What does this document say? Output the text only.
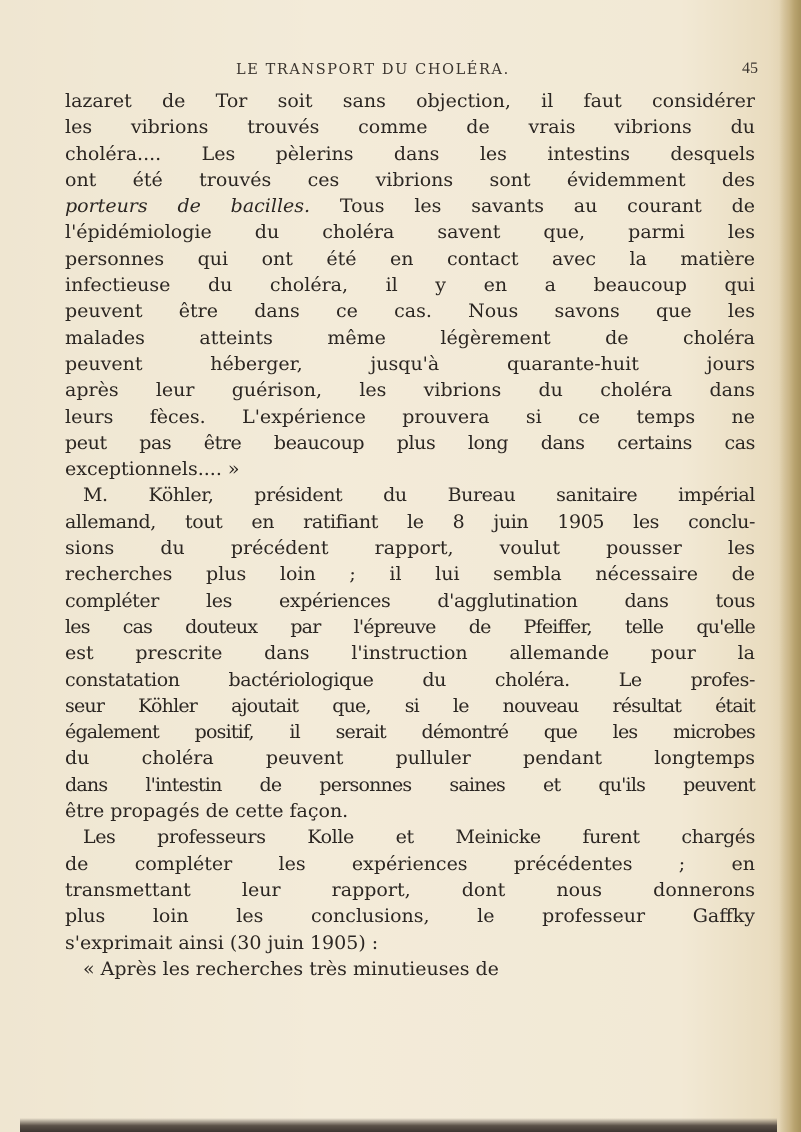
LE TRANSPORT DU CHOLÉRA.	45
lazaret de Tor soit sans objection, il faut considérer
les vibrions trouvés comme de vrais vibrions du
choléra.... Les pèlerins dans les intestins desquels
ont été trouvés ces vibrions sont évidemment des
porteurs de bacilles. Tous les savants au courant de
l'épidémiologie du choléra savent que, parmi les
personnes qui ont été en contact avec la matière
infectieuse du choléra, il y en a beaucoup qui
peuvent être dans ce cas. Nous savons que les
malades atteints même légèrement de choléra
peuvent héberger, jusqu'à quarante-huit jours
après leur guérison, les vibrions du choléra dans
leurs fèces. L'expérience prouvera si ce temps ne
peut pas être beaucoup plus long dans certains cas
exceptionnels.... »
M. Köhler, président du Bureau sanitaire impérial
allemand, tout en ratifiant le 8 juin 1905 les conclu-
sions du précédent rapport, voulut pousser les
recherches plus loin ; il lui sembla nécessaire de
compléter les expériences d'agglutination dans tous
les cas douteux par l'épreuve de Pfeiffer, telle qu'elle
est prescrite dans l'instruction allemande pour la
constatation bactériologique du choléra. Le profes-
seur Köhler ajoutait que, si le nouveau résultat était
également positif, il serait démontré que les microbes
du choléra peuvent pulluler pendant longtemps
dans l'intestin de personnes saines et qu'ils peuvent
être propagés de cette façon.
Les professeurs Kolle et Meinicke furent chargés
de compléter les expériences précédentes ; en
transmettant leur rapport, dont nous donnerons
plus loin les conclusions, le professeur Gaffky
s'exprimait ainsi (30 juin 1905) :
« Après les recherches très minutieuses de
